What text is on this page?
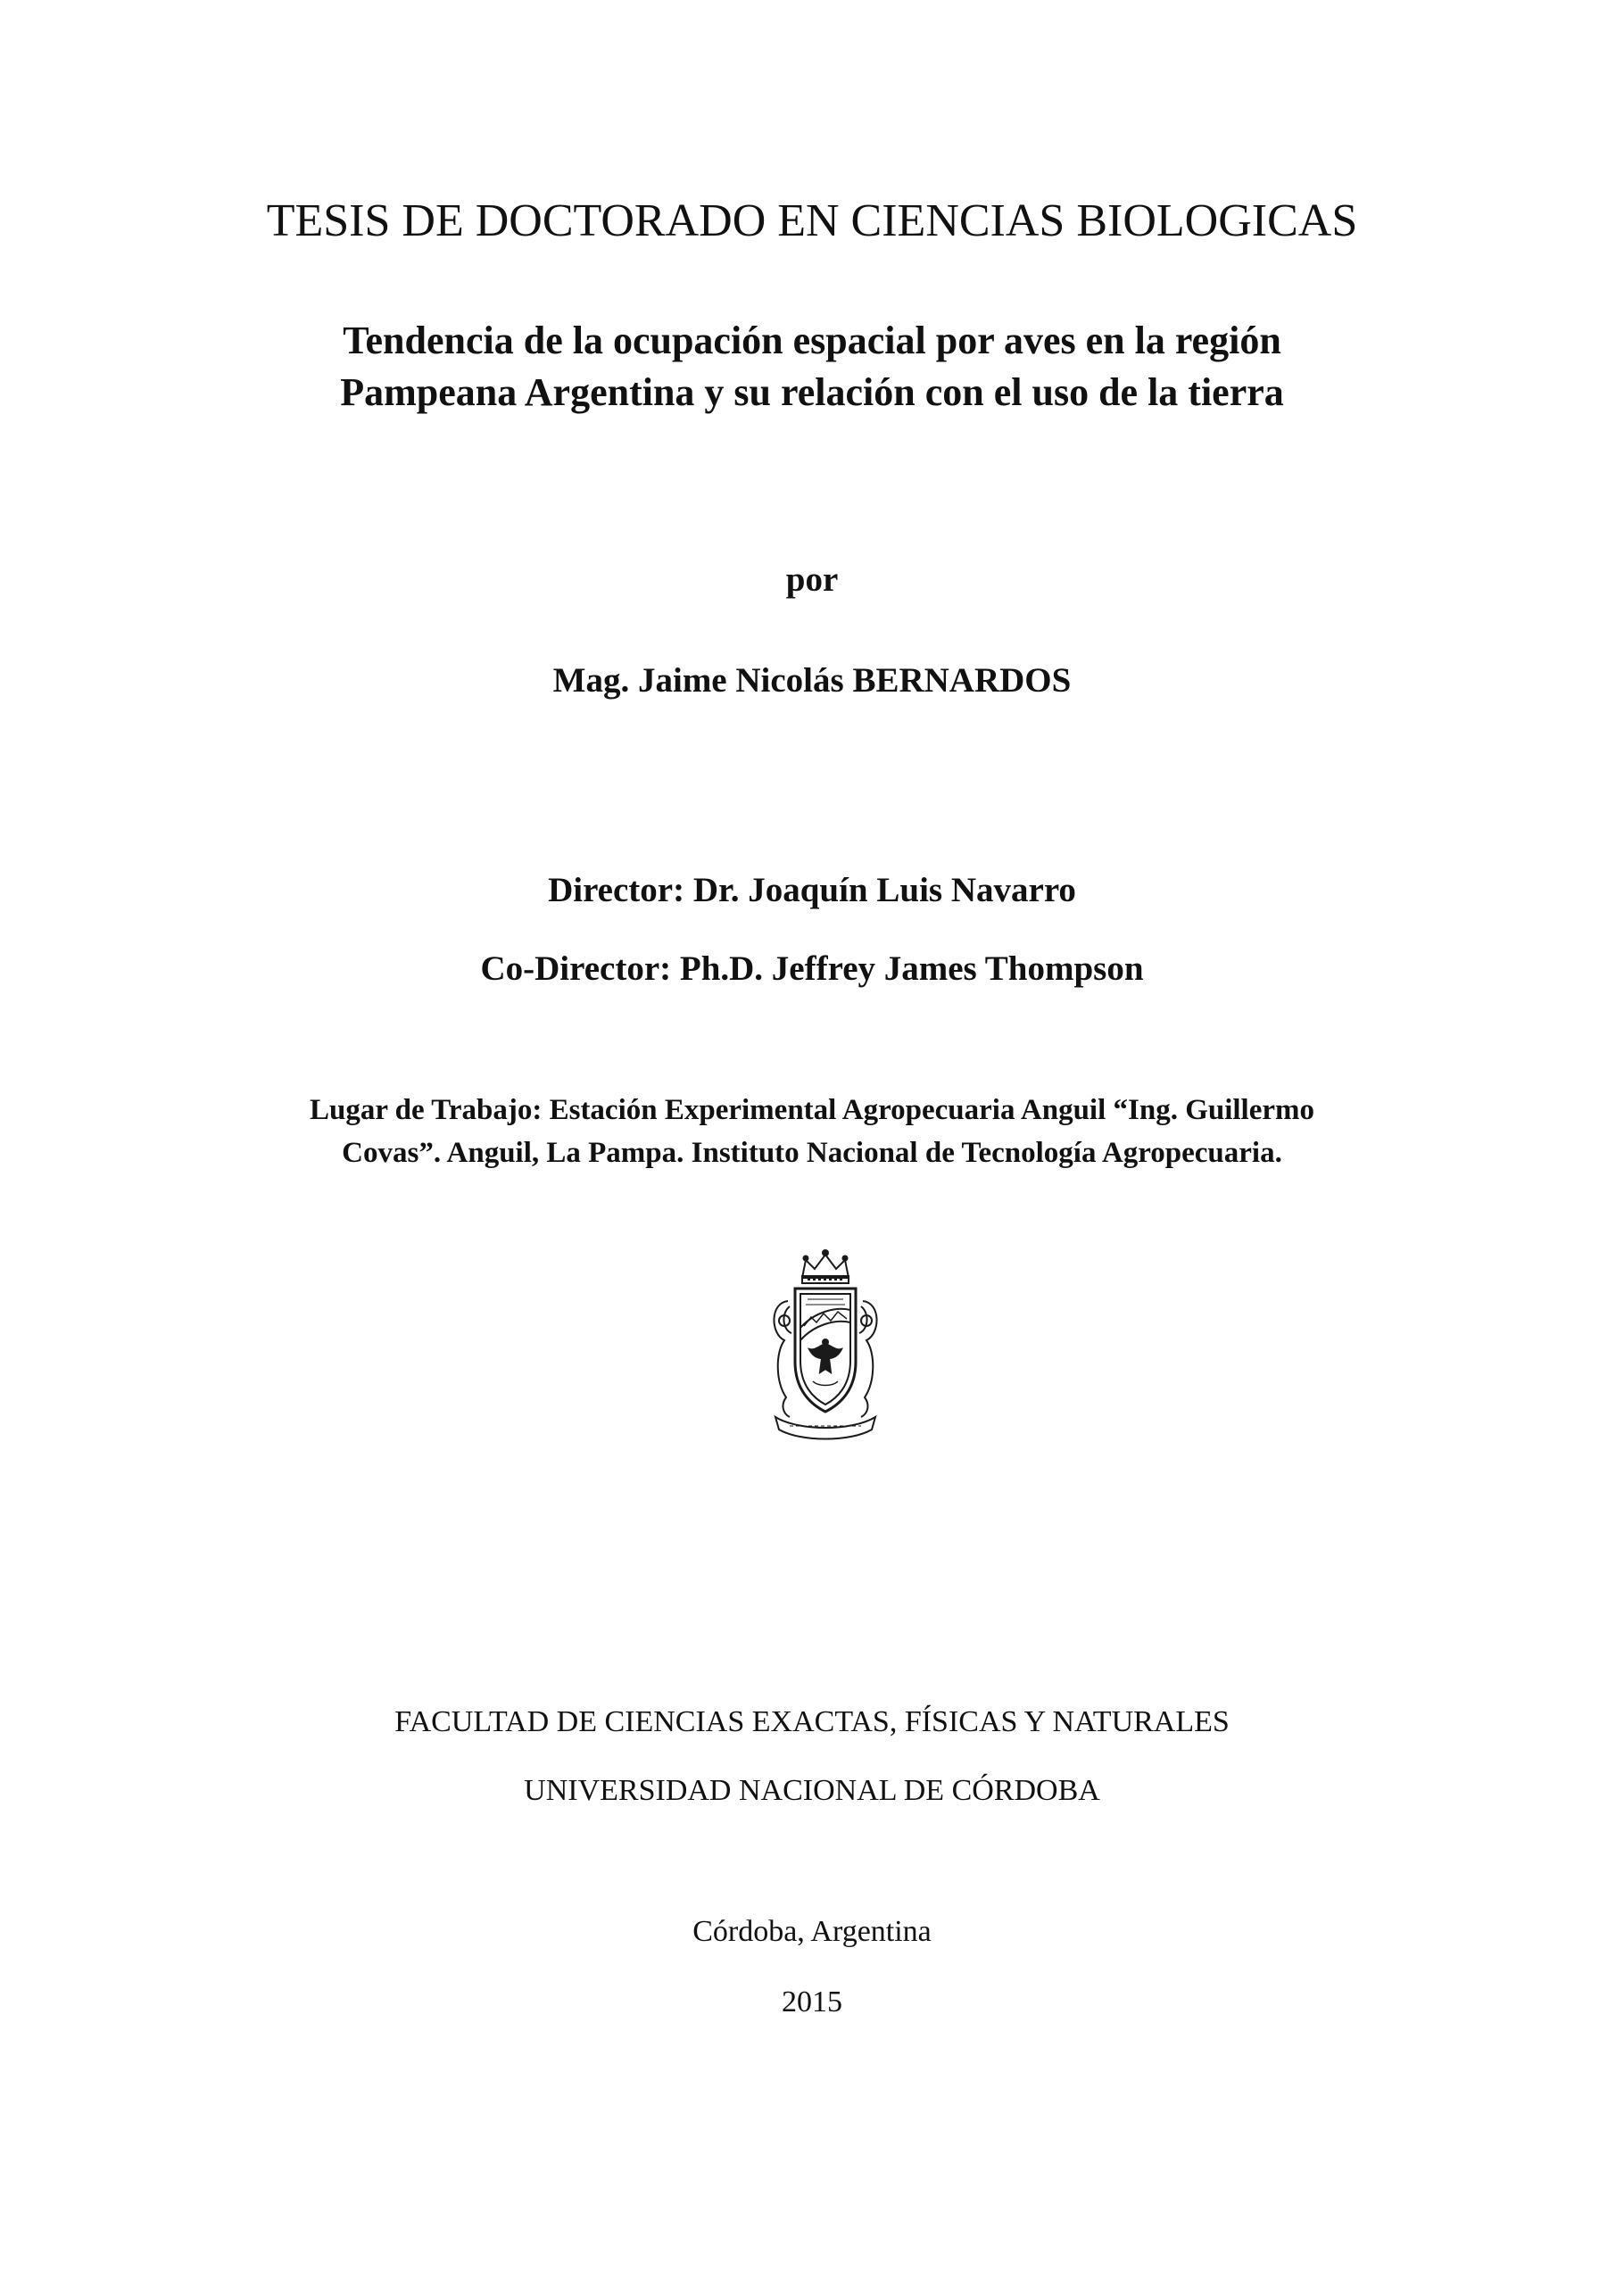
TESIS DE DOCTORADO EN CIENCIAS BIOLOGICAS
Tendencia de la ocupación espacial por aves en la región
Pampeana Argentina y su relación con el uso de la tierra
por
Mag. Jaime Nicolás BERNARDOS
Director: Dr. Joaquín Luis Navarro
Co-Director: Ph.D. Jeffrey James Thompson
Lugar de Trabajo: Estación Experimental Agropecuaria Anguil “Ing. Guillermo
Covas”. Anguil, La Pampa. Instituto Nacional de Tecnología Agropecuaria.
FACULTAD DE CIENCIAS EXACTAS, FÍSICAS Y NATURALES
UNIVERSIDAD NACIONAL DE CÓRDOBA
Córdoba, Argentina
2015
